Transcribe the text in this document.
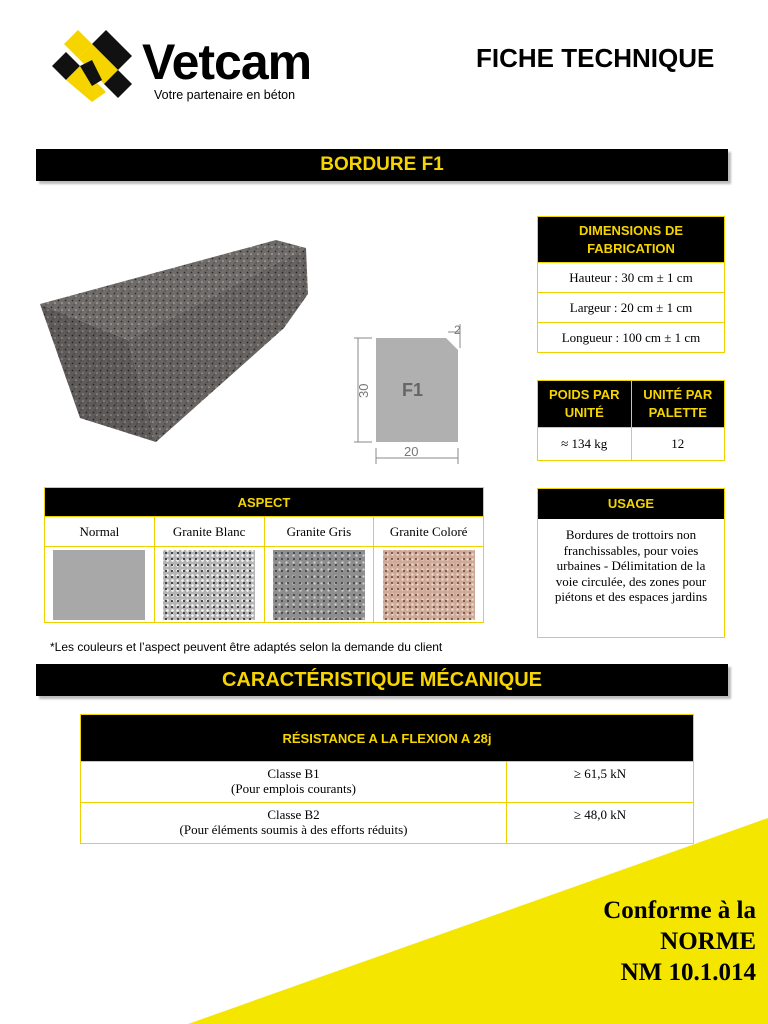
Vetcam
Votre partenaire en béton
FICHE TECHNIQUE
BORDURE F1
F1
30
20
2
DIMENSIONS DE FABRICATION
Hauteur : 30 cm ± 1 cm
Largeur : 20 cm ± 1 cm
Longueur : 100 cm ± 1 cm
POIDS PAR UNITÉ	UNITÉ PAR PALETTE
≈ 134 kg	12
ASPECT			
Normal	Granite Blanc	Granite Gris	Granite Coloré

USAGE
Bordures de trottoirs non franchissables, pour voies urbaines - Délimitation de la voie circulée, des zones pour piétons et des espaces jardins
*Les couleurs et l’aspect peuvent être adaptés selon la demande du client
CARACTÉRISTIQUE MÉCANIQUE
RÉSISTANCE A LA FLEXION A 28j	

Classe B1
(Pour emplois courants)	≥ 61,5 kN

Classe B2
(Pour éléments soumis à des efforts réduits)	≥ 48,0 kN
Conforme à la
NORME
NM 10.1.014
